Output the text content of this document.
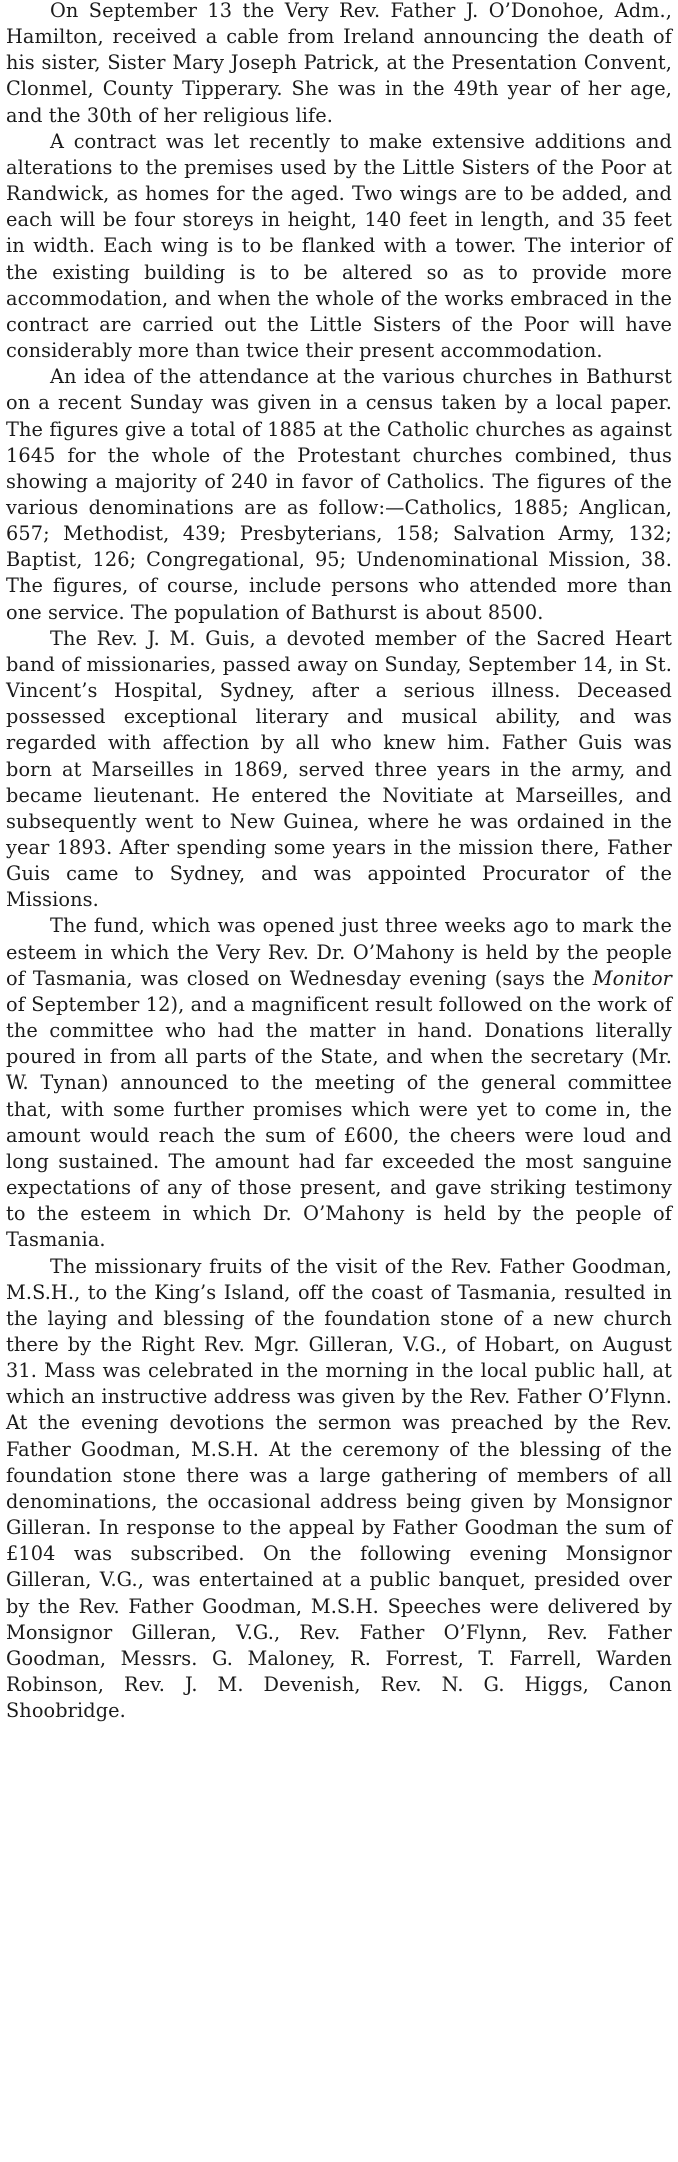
On September 13 the Very Rev. Father J. O’Donohoe, Adm., Hamilton, received a cable from Ireland announcing the death of his sister, Sister Mary Joseph Patrick, at the Presentation Convent, Clonmel, County Tipperary. She was in the 49th year of her age, and the 30th of her religious life.

A contract was let recently to make extensive additions and alterations to the premises used by the Little Sisters of the Poor at Randwick, as homes for the aged. Two wings are to be added, and each will be four storeys in height, 140 feet in length, and 35 feet in width. Each wing is to be flanked with a tower. The interior of the existing building is to be altered so as to provide more accommodation, and when the whole of the works embraced in the contract are carried out the Little Sisters of the Poor will have considerably more than twice their present accommodation.

An idea of the attendance at the various churches in Bathurst on a recent Sunday was given in a census taken by a local paper. The figures give a total of 1885 at the Catholic churches as against 1645 for the whole of the Protestant churches combined, thus showing a majority of 240 in favor of Catholics. The figures of the various denominations are as follow:—Catholics, 1885; Anglican, 657; Methodist, 439; Presbyterians, 158; Salvation Army, 132; Baptist, 126; Congregational, 95; Undenominational Mission, 38. The figures, of course, include persons who attended more than one service. The population of Bathurst is about 8500.

The Rev. J. M. Guis, a devoted member of the Sacred Heart band of missionaries, passed away on Sunday, September 14, in St. Vincent’s Hospital, Sydney, after a serious illness. Deceased possessed exceptional literary and musical ability, and was regarded with affection by all who knew him. Father Guis was born at Marseilles in 1869, served three years in the army, and became lieutenant. He entered the Novitiate at Marseilles, and subsequently went to New Guinea, where he was ordained in the year 1893. After spending some years in the mission there, Father Guis came to Sydney, and was appointed Procurator of the Missions.

The fund, which was opened just three weeks ago to mark the esteem in which the Very Rev. Dr. O’Mahony is held by the people of Tasmania, was closed on Wednesday evening (says the Monitor of September 12), and a magnificent result followed on the work of the committee who had the matter in hand. Donations literally poured in from all parts of the State, and when the secretary (Mr. W. Tynan) announced to the meeting of the general committee that, with some further promises which were yet to come in, the amount would reach the sum of £600, the cheers were loud and long sustained. The amount had far exceeded the most sanguine expectations of any of those present, and gave striking testimony to the esteem in which Dr. O’Mahony is held by the people of Tasmania.

The missionary fruits of the visit of the Rev. Father Goodman, M.S.H., to the King’s Island, off the coast of Tasmania, resulted in the laying and blessing of the foundation stone of a new church there by the Right Rev. Mgr. Gilleran, V.G., of Hobart, on August 31. Mass was celebrated in the morning in the local public hall, at which an instructive address was given by the Rev. Father O’Flynn. At the evening devotions the sermon was preached by the Rev. Father Goodman, M.S.H. At the ceremony of the blessing of the foundation stone there was a large gathering of members of all denominations, the occasional address being given by Monsignor Gilleran. In response to the appeal by Father Goodman the sum of £104 was subscribed. On the following evening Monsignor Gilleran, V.G., was entertained at a public banquet, presided over by the Rev. Father Goodman, M.S.H. Speeches were delivered by Monsignor Gilleran, V.G., Rev. Father O’Flynn, Rev. Father Goodman, Messrs. G. Maloney, R. Forrest, T. Farrell, Warden Robinson, Rev. J. M. Devenish, Rev. N. G. Higgs, Canon Shoobridge.
